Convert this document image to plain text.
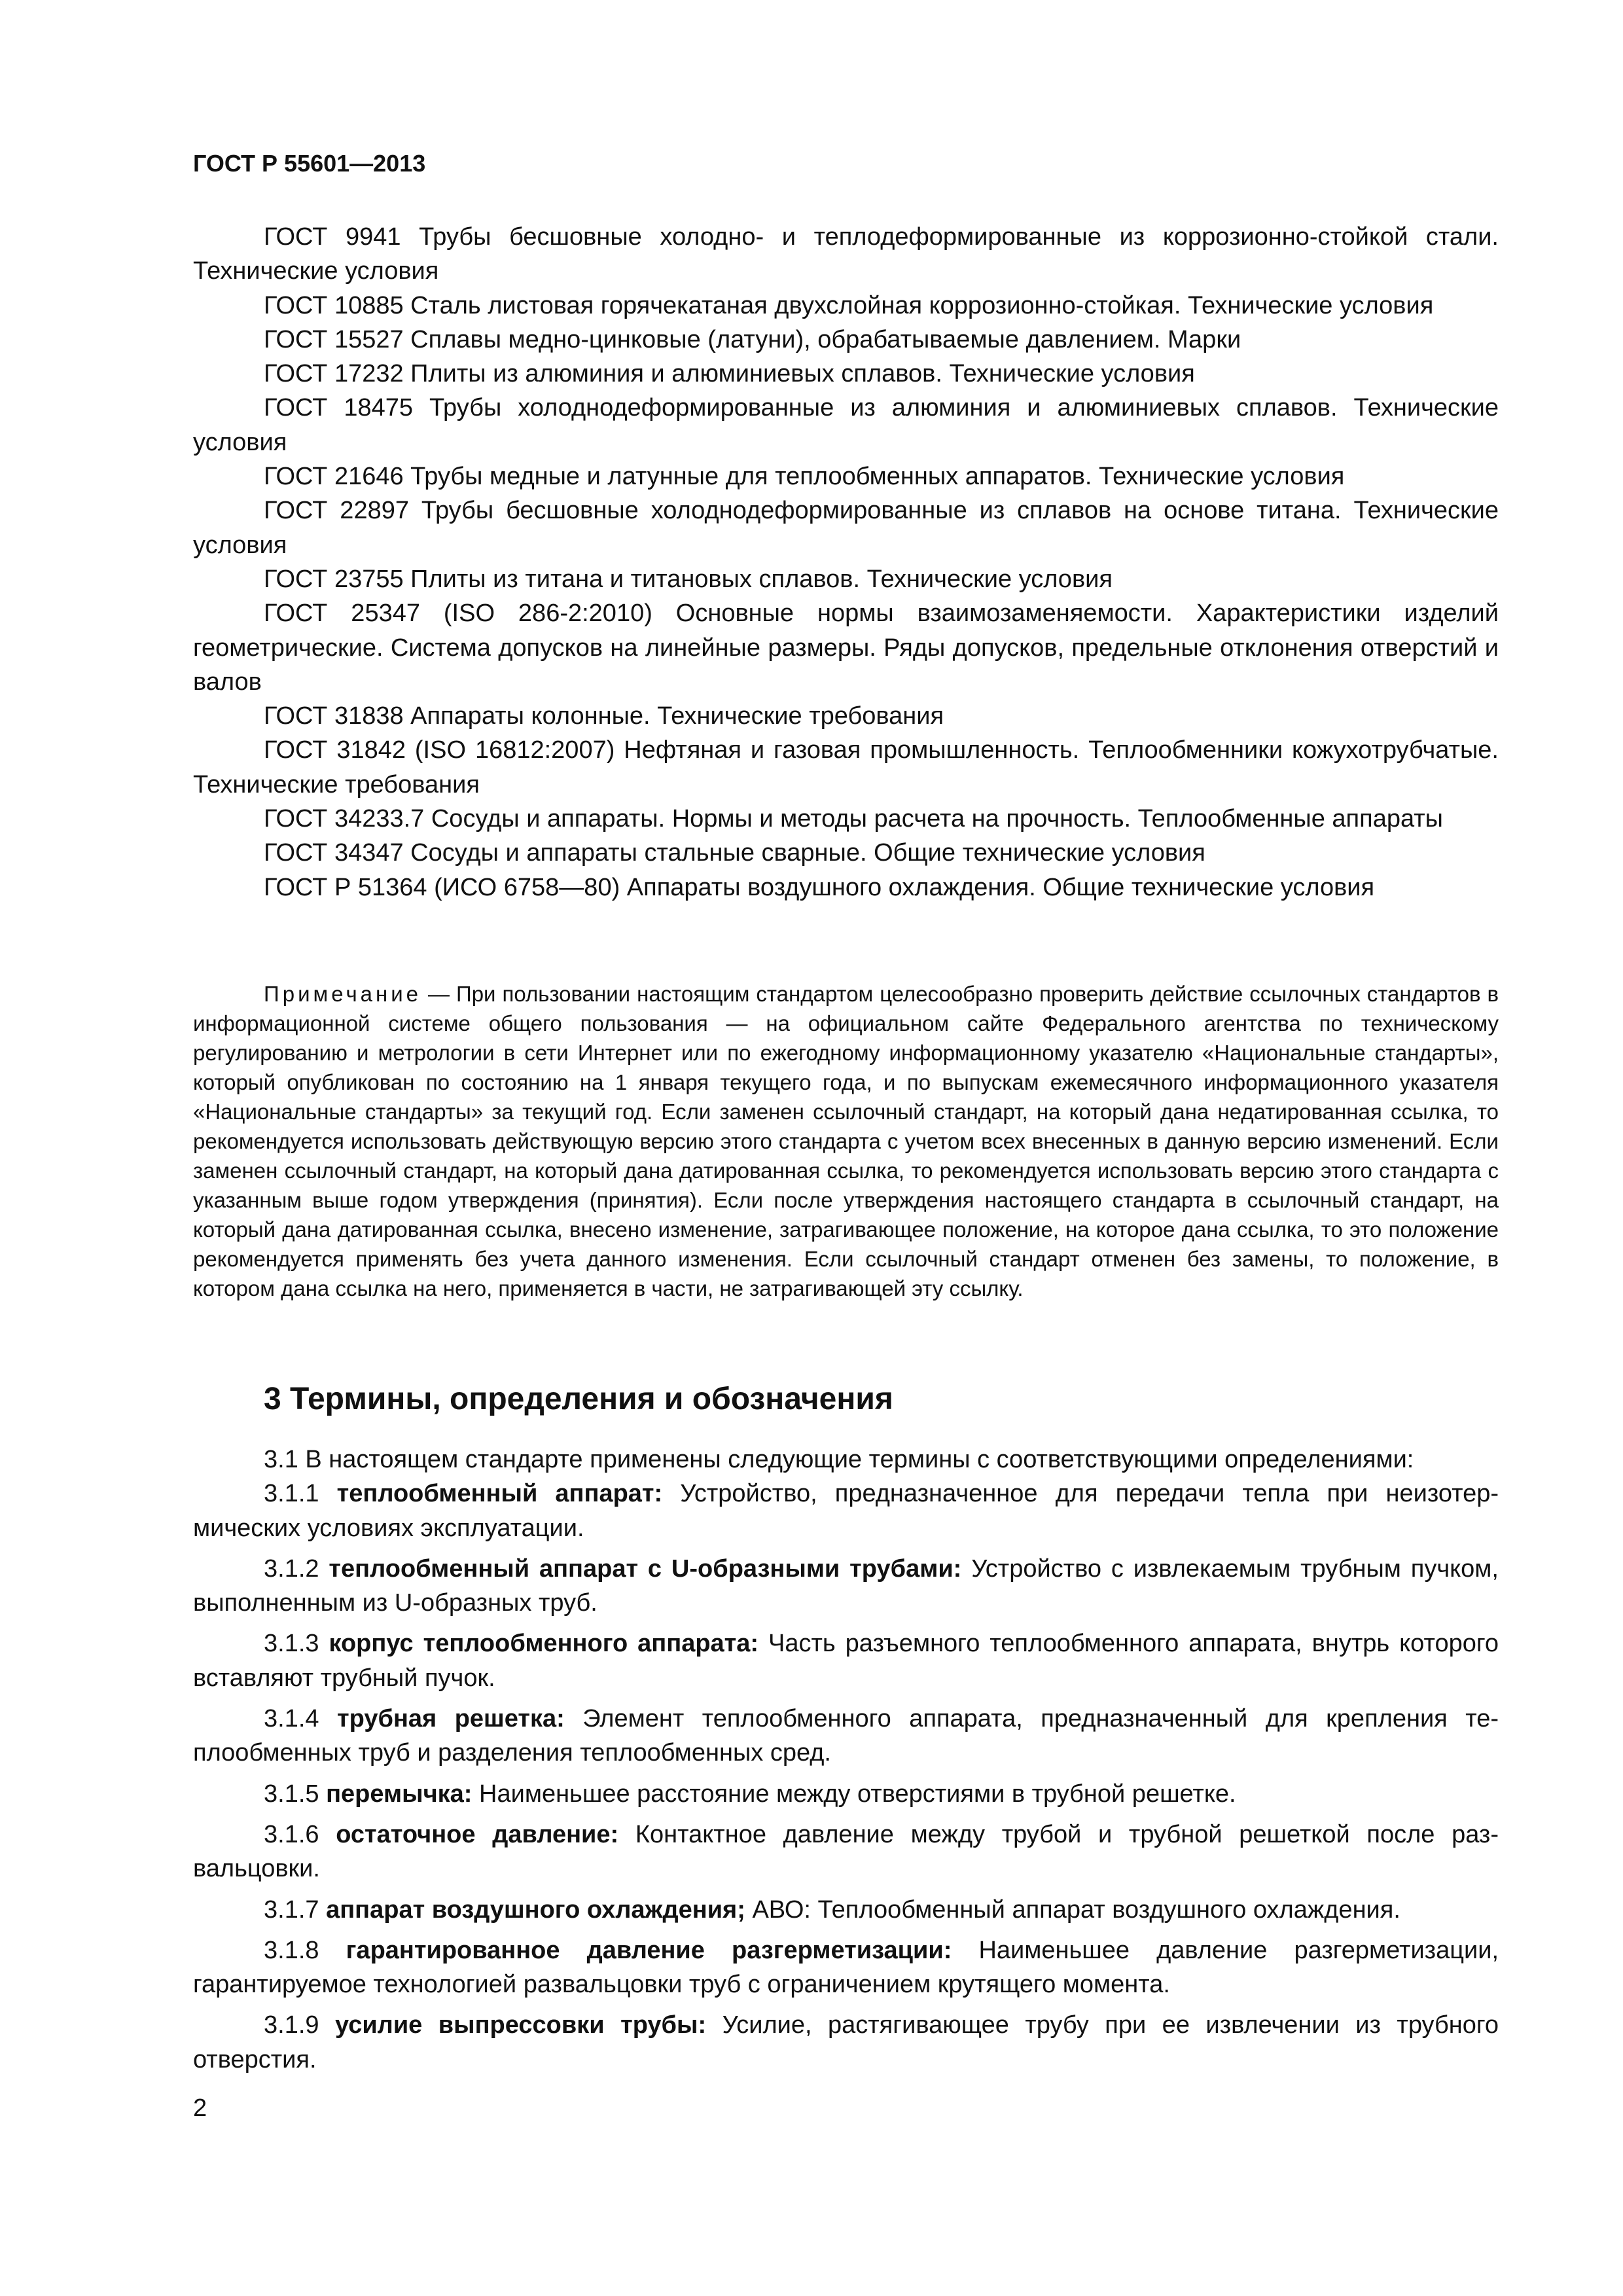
ГОСТ Р 55601—2013

ГОСТ 9941 Трубы бесшовные холодно- и теплодеформированные из коррозионно-стойкой стали. Технические условия

ГОСТ 10885 Сталь листовая горячекатаная двухслойная коррозионно-стойкая. Технические условия

ГОСТ 15527 Сплавы медно-цинковые (латуни), обрабатываемые давлением. Марки

ГОСТ 17232 Плиты из алюминия и алюминиевых сплавов. Технические условия

ГОСТ 18475 Трубы холоднодеформированные из алюминия и алюминиевых сплавов. Технические условия

ГОСТ 21646 Трубы медные и латунные для теплообменных аппаратов. Технические условия

ГОСТ 22897 Трубы бесшовные холоднодеформированные из сплавов на основе титана. Технические условия

ГОСТ 23755 Плиты из титана и титановых сплавов. Технические условия

ГОСТ 25347 (ISO 286-2:2010) Основные нормы взаимозаменяемости. Характеристики изделий геометрические. Система допусков на линейные размеры. Ряды допусков, предельные отклонения отверстий и валов

ГОСТ 31838 Аппараты колонные. Технические требования

ГОСТ 31842 (ISO 16812:2007) Нефтяная и газовая промышленность. Теплообменники кожухотрубчатые. Технические требования

ГОСТ 34233.7 Сосуды и аппараты. Нормы и методы расчета на прочность. Теплообменные аппараты

ГОСТ 34347 Сосуды и аппараты стальные сварные. Общие технические условия

ГОСТ Р 51364 (ИСО 6758—80) Аппараты воздушного охлаждения. Общие технические условия

Примечание — При пользовании настоящим стандартом целесообразно проверить действие ссылочных стандартов в информационной системе общего пользования — на официальном сайте Федерального агентства по техническому регулированию и метрологии в сети Интернет или по ежегодному информационному указателю «Национальные стандарты», который опубликован по состоянию на 1 января текущего года, и по выпускам ежемесячного информационного указателя «Национальные стандарты» за текущий год. Если заменен ссылочный стандарт, на который дана недатированная ссылка, то рекомендуется использовать действующую версию этого стандарта с учетом всех внесенных в данную версию изменений. Если заменен ссылочный стандарт, на который дана датированная ссылка, то рекомендуется использовать версию этого стандарта с указанным выше годом утверждения (принятия). Если после утверждения настоящего стандарта в ссылочный стандарт, на который дана датированная ссылка, внесено изменение, затрагивающее положение, на которое дана ссылка, то это положение рекомендуется применять без учета данного изменения. Если ссылочный стандарт отменен без замены, то положение, в котором дана ссылка на него, применяется в части, не затрагивающей эту ссылку.

3 Термины, определения и обозначения

3.1 В настоящем стандарте применены следующие термины с соответствующими определениями:

3.1.1 теплообменный аппарат: Устройство, предназначенное для передачи тепла при неизотермических условиях эксплуатации.

3.1.2 теплообменный аппарат с U-образными трубами: Устройство с извлекаемым трубным пучком, выполненным из U-образных труб.

3.1.3 корпус теплообменного аппарата: Часть разъемного теплообменного аппарата, внутрь которого вставляют трубный пучок.

3.1.4 трубная решетка: Элемент теплообменного аппарата, предназначенный для крепления теплообменных труб и разделения теплообменных сред.

3.1.5 перемычка: Наименьшее расстояние между отверстиями в трубной решетке.

3.1.6 остаточное давление: Контактное давление между трубой и трубной решеткой после развальцовки.

3.1.7 аппарат воздушного охлаждения; АВО: Теплообменный аппарат воздушного охлаждения.

3.1.8 гарантированное давление разгерметизации: Наименьшее давление разгерметизации, гарантируемое технологией развальцовки труб с ограничением крутящего момента.

3.1.9 усилие выпрессовки трубы: Усилие, растягивающее трубу при ее извлечении из трубного отверстия.

2
